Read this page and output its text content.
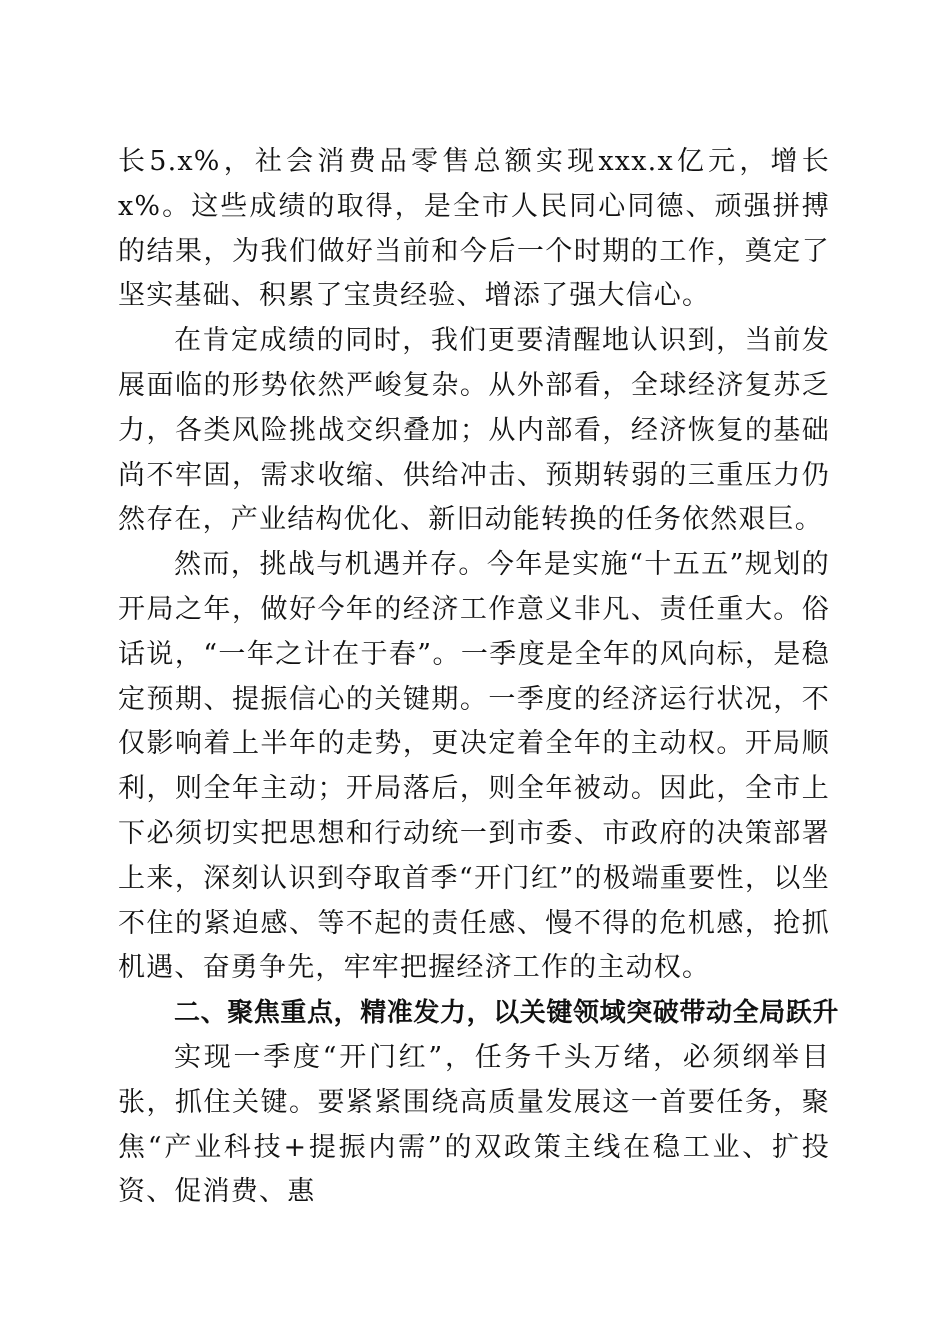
长5.x%，社会消费品零售总额实现xxx.x亿元，增长x%。这些成绩的取得，是全市人民同心同德、顽强拼搏的结果，为我们做好当前和今后一个时期的工作，奠定了坚实基础、积累了宝贵经验、增添了强大信心。

在肯定成绩的同时，我们更要清醒地认识到，当前发展面临的形势依然严峻复杂。从外部看，全球经济复苏乏力，各类风险挑战交织叠加；从内部看，经济恢复的基础尚不牢固，需求收缩、供给冲击、预期转弱的三重压力仍然存在，产业结构优化、新旧动能转换的任务依然艰巨。

然而，挑战与机遇并存。今年是实施“十五五”规划的开局之年，做好今年的经济工作意义非凡、责任重大。俗话说，“一年之计在于春”。一季度是全年的风向标，是稳定预期、提振信心的关键期。一季度的经济运行状况，不仅影响着上半年的走势，更决定着全年的主动权。开局顺利，则全年主动；开局落后，则全年被动。因此，全市上下必须切实把思想和行动统一到市委、市政府的决策部署上来，深刻认识到夺取首季“开门红”的极端重要性，以坐不住的紧迫感、等不起的责任感、慢不得的危机感，抢抓机遇、奋勇争先，牢牢把握经济工作的主动权。

二、聚焦重点，精准发力，以关键领域突破带动全局跃升

实现一季度“开门红”，任务千头万绪，必须纲举目张，抓住关键。要紧紧围绕高质量发展这一首要任务，聚焦“产业科技+提振内需”的双政策主线在稳工业、扩投资、促消费、惠
